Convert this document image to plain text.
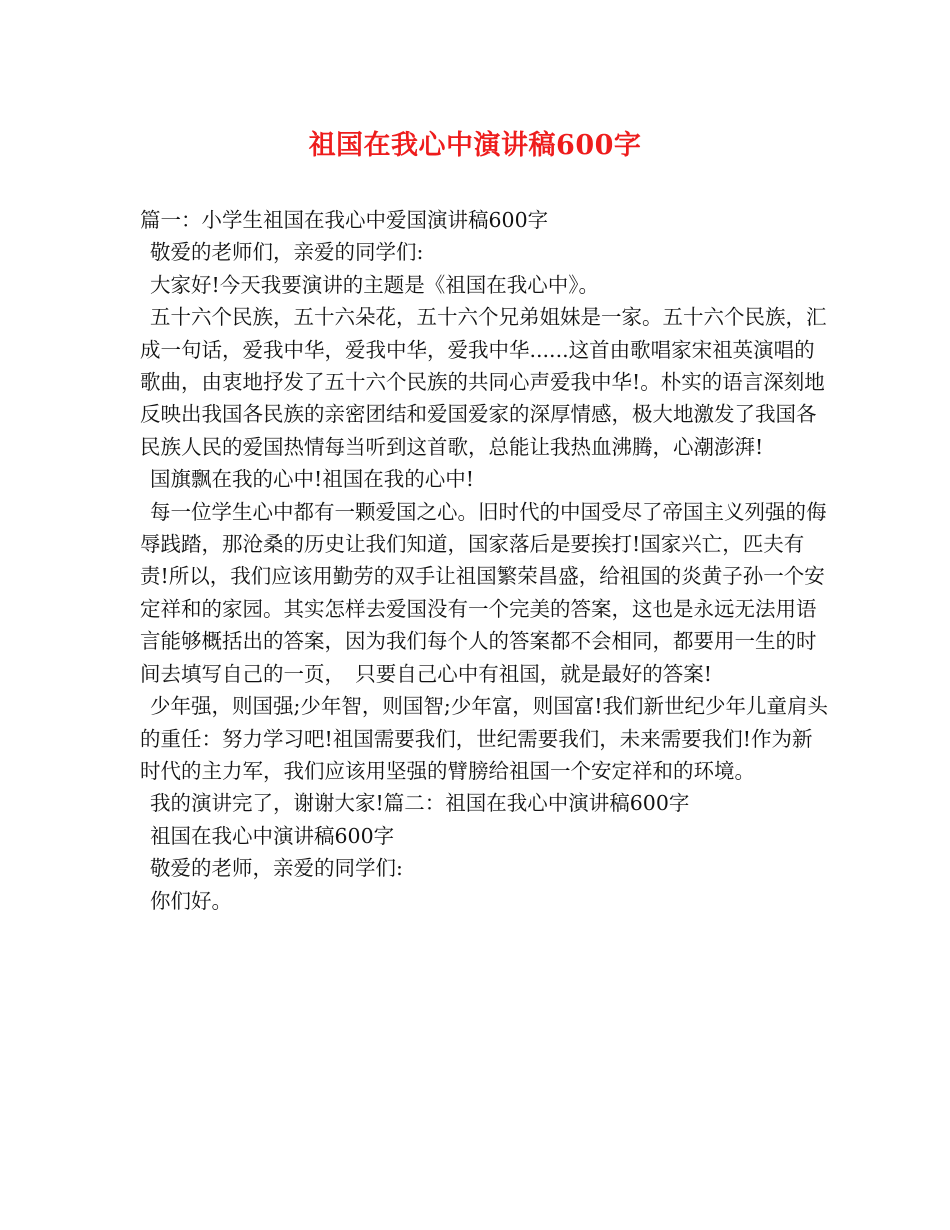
祖国在我心中演讲稿600字

篇一：小学生祖国在我心中爱国演讲稿600字

敬爱的老师们，亲爱的同学们:

大家好!今天我要演讲的主题是《祖国在我心中》。

五十六个民族，五十六朵花，五十六个兄弟姐妹是一家。五十六个民族，汇成一句话，爱我中华，爱我中华，爱我中华......这首由歌唱家宋祖英演唱的歌曲，由衷地抒发了五十六个民族的共同心声爱我中华!。朴实的语言深刻地反映出我国各民族的亲密团结和爱国爱家的深厚情感，极大地激发了我国各民族人民的爱国热情每当听到这首歌，总能让我热血沸腾，心潮澎湃!

国旗飘在我的心中!祖国在我的心中!

每一位学生心中都有一颗爱国之心。旧时代的中国受尽了帝国主义列强的侮辱践踏，那沧桑的历史让我们知道，国家落后是要挨打!国家兴亡，匹夫有责!所以，我们应该用勤劳的双手让祖国繁荣昌盛，给祖国的炎黄子孙一个安定祥和的家园。其实怎样去爱国没有一个完美的答案，这也是永远无法用语言能够概括出的答案，因为我们每个人的答案都不会相同，都要用一生的时间去填写自己的一页，　只要自己心中有祖国，就是最好的答案!

少年强，则国强;少年智，则国智;少年富，则国富!我们新世纪少年儿童肩头的重任：努力学习吧!祖国需要我们，世纪需要我们，未来需要我们!作为新时代的主力军，我们应该用坚强的臂膀给祖国一个安定祥和的环境。

我的演讲完了，谢谢大家!篇二：祖国在我心中演讲稿600字

祖国在我心中演讲稿600字

敬爱的老师，亲爱的同学们:

你们好。
